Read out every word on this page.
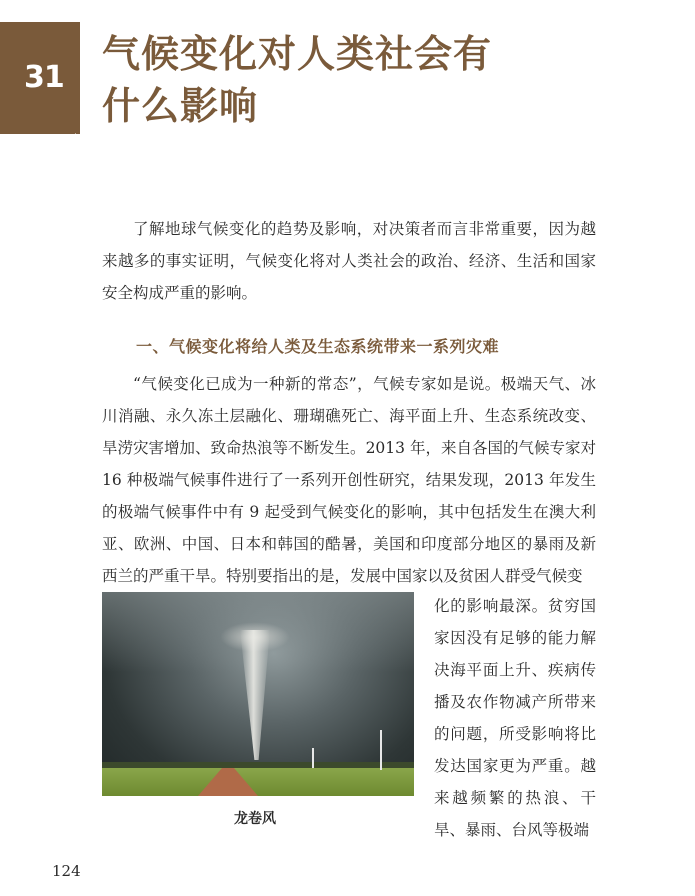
31
气候变化对人类社会有
什么影响
了解地球气候变化的趋势及影响，对决策者而言非常重要，因为越来越多的事实证明，气候变化将对人类社会的政治、经济、生活和国家安全构成严重的影响。
一、气候变化将给人类及生态系统带来一系列灾难
“气候变化已成为一种新的常态”，气候专家如是说。极端天气、冰川消融、永久冻土层融化、珊瑚礁死亡、海平面上升、生态系统改变、旱涝灾害增加、致命热浪等不断发生。2013 年，来自各国的气候专家对 16 种极端气候事件进行了一系列开创性研究，结果发现，2013 年发生的极端气候事件中有 9 起受到气候变化的影响，其中包括发生在澳大利亚、欧洲、中国、日本和韩国的酷暑，美国和印度部分地区的暴雨及新西兰的严重干旱。特别要指出的是，发展中国家以及贫困人群受气候变
化的影响最深。贫穷国家因没有足够的能力解决海平面上升、疾病传播及农作物减产所带来的问题，所受影响将比发达国家更为严重。越来越频繁的热浪、干旱、暴雨、台风等极端
龙卷风
124
